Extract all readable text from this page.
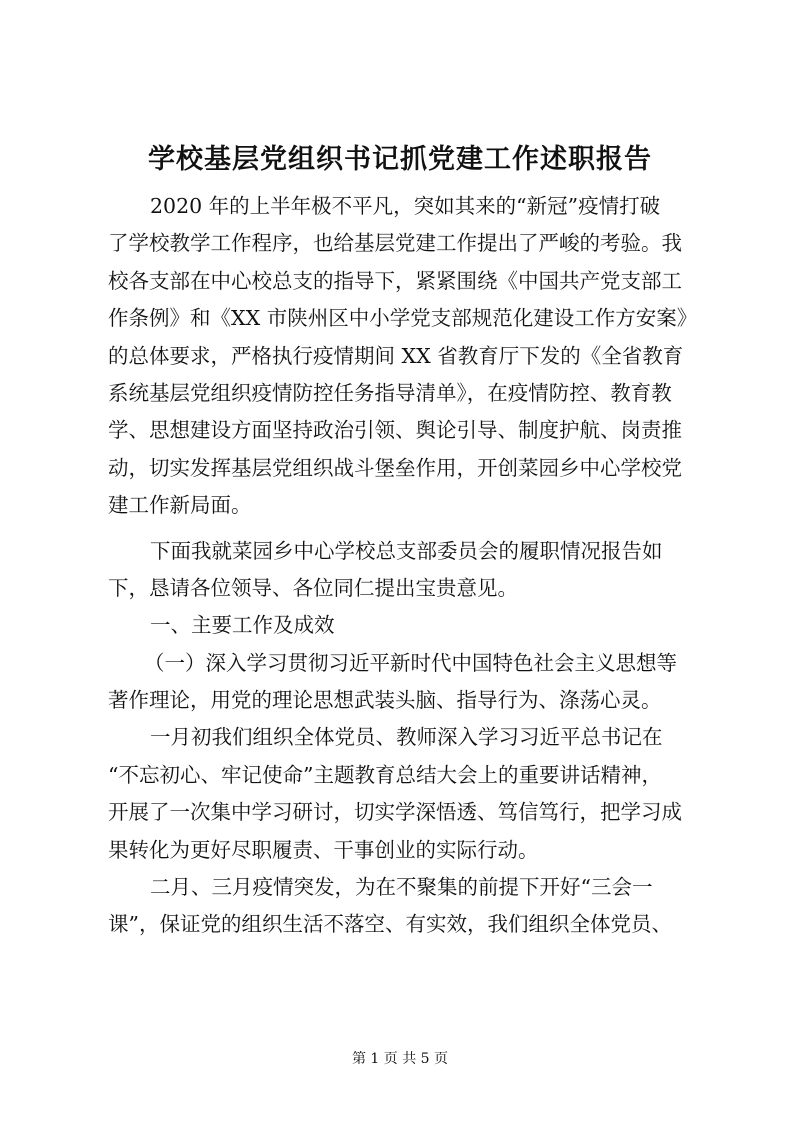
学校基层党组织书记抓党建工作述职报告
2020 年的上半年极不平凡，突如其来的“新冠”疫情打破
了学校教学工作程序，也给基层党建工作提出了严峻的考验。我
校各支部在中心校总支的指导下，紧紧围绕《中国共产党支部工
作条例》和《XX 市陕州区中小学党支部规范化建设工作方安案》
的总体要求，严格执行疫情期间 XX 省教育厅下发的《全省教育
系统基层党组织疫情防控任务指导清单》，在疫情防控、教育教
学、思想建设方面坚持政治引领、舆论引导、制度护航、岗责推
动，切实发挥基层党组织战斗堡垒作用，开创菜园乡中心学校党
建工作新局面。
下面我就菜园乡中心学校总支部委员会的履职情况报告如
下，恳请各位领导、各位同仁提出宝贵意见。
一、主要工作及成效
（一）深入学习贯彻习近平新时代中国特色社会主义思想等
著作理论，用党的理论思想武装头脑、指导行为、涤荡心灵。
一月初我们组织全体党员、教师深入学习习近平总书记在
“不忘初心、牢记使命”主题教育总结大会上的重要讲话精神，
开展了一次集中学习研讨，切实学深悟透、笃信笃行，把学习成
果转化为更好尽职履责、干事创业的实际行动。
二月、三月疫情突发，为在不聚集的前提下开好“三会一
课”，保证党的组织生活不落空、有实效，我们组织全体党员、
第 1 页 共 5 页
